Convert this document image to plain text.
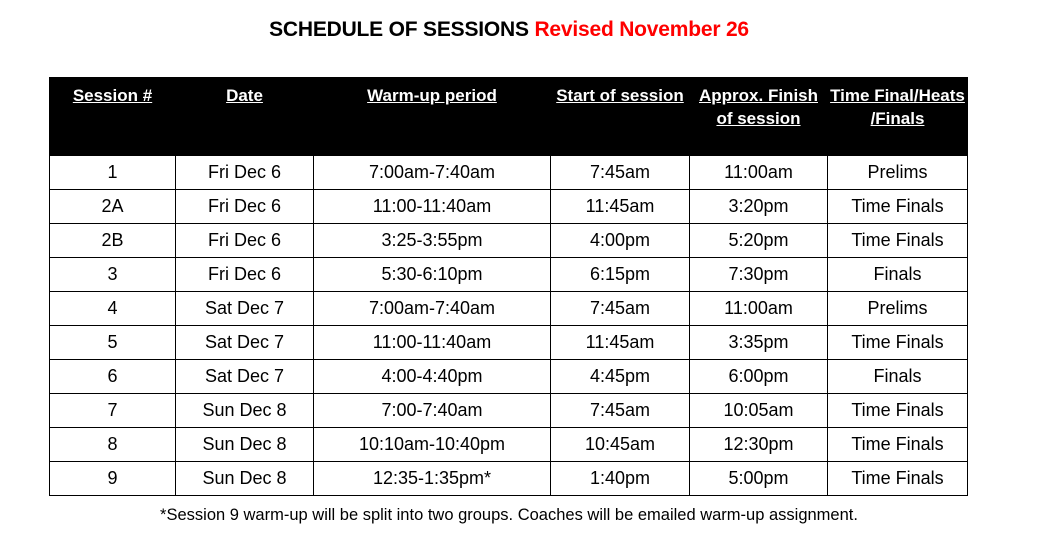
SCHEDULE OF SESSIONS Revised November 26
Session #	Date	Warm-up period	Start of session	Approx. Finish of session	Time Final/Heats /Finals
1	Fri Dec 6	7:00am-7:40am	7:45am	11:00am	Prelims
2A	Fri Dec 6	11:00-11:40am	11:45am	3:20pm	Time Finals
2B	Fri Dec 6	3:25-3:55pm	4:00pm	5:20pm	Time Finals
3	Fri Dec 6	5:30-6:10pm	6:15pm	7:30pm	Finals
4	Sat Dec 7	7:00am-7:40am	7:45am	11:00am	Prelims
5	Sat Dec 7	11:00-11:40am	11:45am	3:35pm	Time Finals
6	Sat Dec 7	4:00-4:40pm	4:45pm	6:00pm	Finals
7	Sun Dec 8	7:00-7:40am	7:45am	10:05am	Time Finals
8	Sun Dec 8	10:10am-10:40pm	10:45am	12:30pm	Time Finals
9	Sun Dec 8	12:35-1:35pm*	1:40pm	5:00pm	Time Finals
*Session 9 warm-up will be split into two groups. Coaches will be emailed warm-up assignment.
